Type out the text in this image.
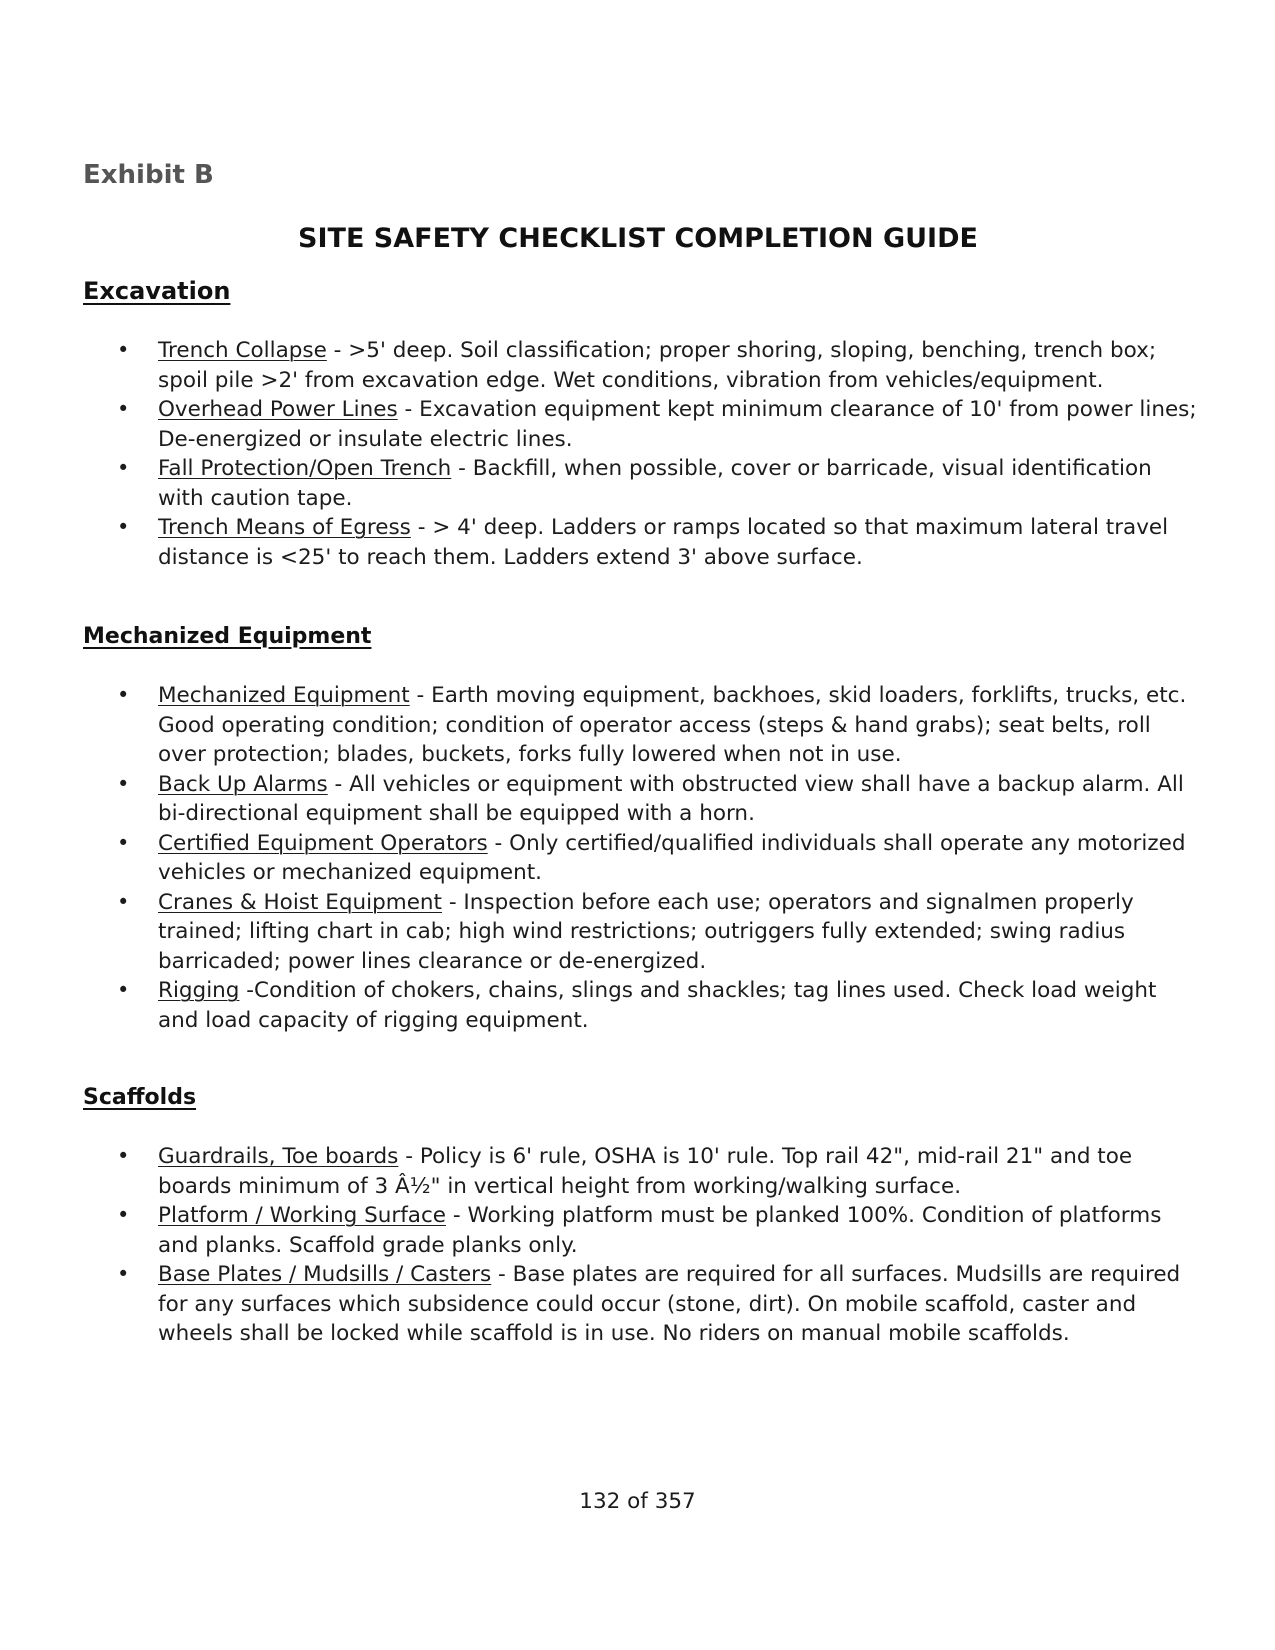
Exhibit B
SITE SAFETY CHECKLIST COMPLETION GUIDE
Excavation
• Trench Collapse - >5' deep. Soil classification; proper shoring, sloping, benching, trench box; spoil pile >2' from excavation edge. Wet conditions, vibration from vehicles/equipment.
• Overhead Power Lines - Excavation equipment kept minimum clearance of 10' from power lines; De-energized or insulate electric lines.
• Fall Protection/Open Trench - Backfill, when possible, cover or barricade, visual identification with caution tape.
• Trench Means of Egress - > 4' deep. Ladders or ramps located so that maximum lateral travel distance is <25' to reach them. Ladders extend 3' above surface.
Mechanized Equipment
• Mechanized Equipment - Earth moving equipment, backhoes, skid loaders, forklifts, trucks, etc. Good operating condition; condition of operator access (steps & hand grabs); seat belts, roll over protection; blades, buckets, forks fully lowered when not in use.
• Back Up Alarms - All vehicles or equipment with obstructed view shall have a backup alarm. All bi-directional equipment shall be equipped with a horn.
• Certified Equipment Operators - Only certified/qualified individuals shall operate any motorized vehicles or mechanized equipment.
• Cranes & Hoist Equipment - Inspection before each use; operators and signalmen properly trained; lifting chart in cab; high wind restrictions; outriggers fully extended; swing radius barricaded; power lines clearance or de-energized.
• Rigging -Condition of chokers, chains, slings and shackles; tag lines used. Check load weight and load capacity of rigging equipment.
Scaffolds
• Guardrails, Toe boards - Policy is 6' rule, OSHA is 10' rule. Top rail 42", mid-rail 21" and toe boards minimum of 3 Â½" in vertical height from working/walking surface.
• Platform / Working Surface - Working platform must be planked 100%. Condition of platforms and planks. Scaffold grade planks only.
• Base Plates / Mudsills / Casters - Base plates are required for all surfaces. Mudsills are required for any surfaces which subsidence could occur (stone, dirt). On mobile scaffold, caster and wheels shall be locked while scaffold is in use. No riders on manual mobile scaffolds.
132 of 357
